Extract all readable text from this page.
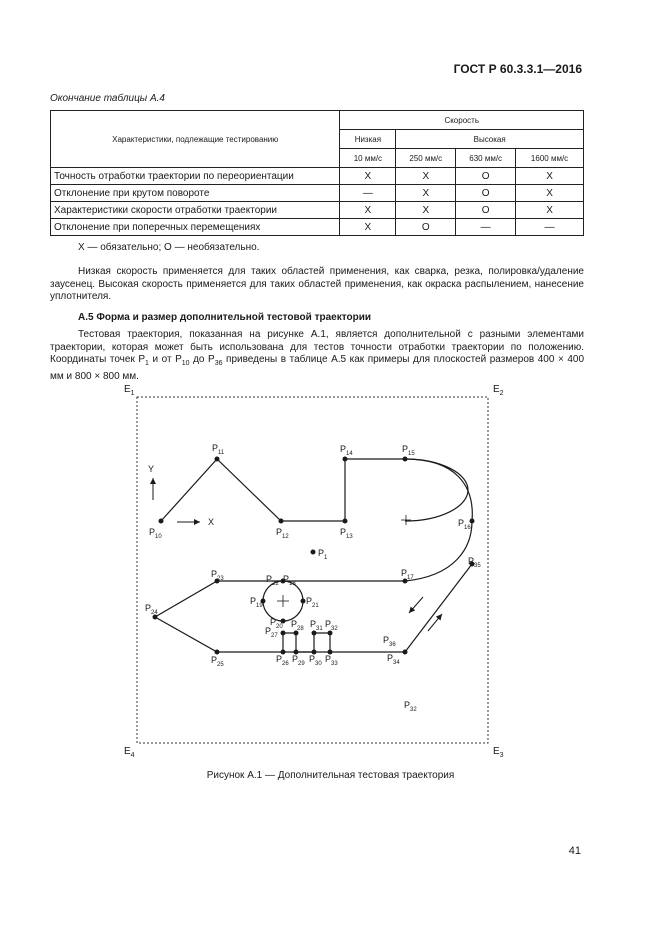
ГОСТ Р 60.3.3.1—2016
Окончание таблицы А.4
Характеристики, подлежащие тестированию	Скорость			
	Низкая	Высокая		
	10 мм/с	250 мм/с	630 мм/с	1600 мм/с
Точность отработки траектории по переориентации	X	X	O	X
Отклонение при крутом повороте	—	X	O	X
Характеристики скорости отработки траектории	X	X	O	X
Отклонение при поперечных перемещениях	X	O	—	—
X — обязательно; O — необязательно.
Низкая скорость применяется для таких областей применения, как сварка, резка, полировка/удаление заусенец. Высокая скорость применяется для таких областей применения, как окраска распылением, нанесение уплотнителя.
А.5 Форма и размер дополнительной тестовой траектории
Тестовая траектория, показанная на рисунке А.1, является дополнительной с разными элементами траектории, которая может быть использована для тестов точности отработки траектории по положению. Координаты точек $P_1$ и от $P_{10}$ до $P_{36}$ приведены в таблице А.5 как примеры для плоскостей размеров 400 × 400 мм и 800 × 800 мм.
$E_1$	$E_2$
$E_3$
$E_4$
Y
X
$P_{10}$
$P_{11}$
$P_{12}$	$P_{13}$
$P_{14}$	$P_{15}$
$P_{16}$
$P_{17}$
$P_1$
$P_{22}$ $P_{18}$
$P_{23}$
$P_{24}$
$P_{25}$
$P_{19}$	$P_{21}$
$P_{20}$
$P_{27}$
$P_{28}$ $P_{31}$ $P_{32}$
$P_{26}$ $P_{29}$ $P_{30}$ $P_{33}$
$P_{36}$
$P_{34}$
$P_{35}$
$P_{32}$
Рисунок А.1 — Дополнительная тестовая траектория
41
